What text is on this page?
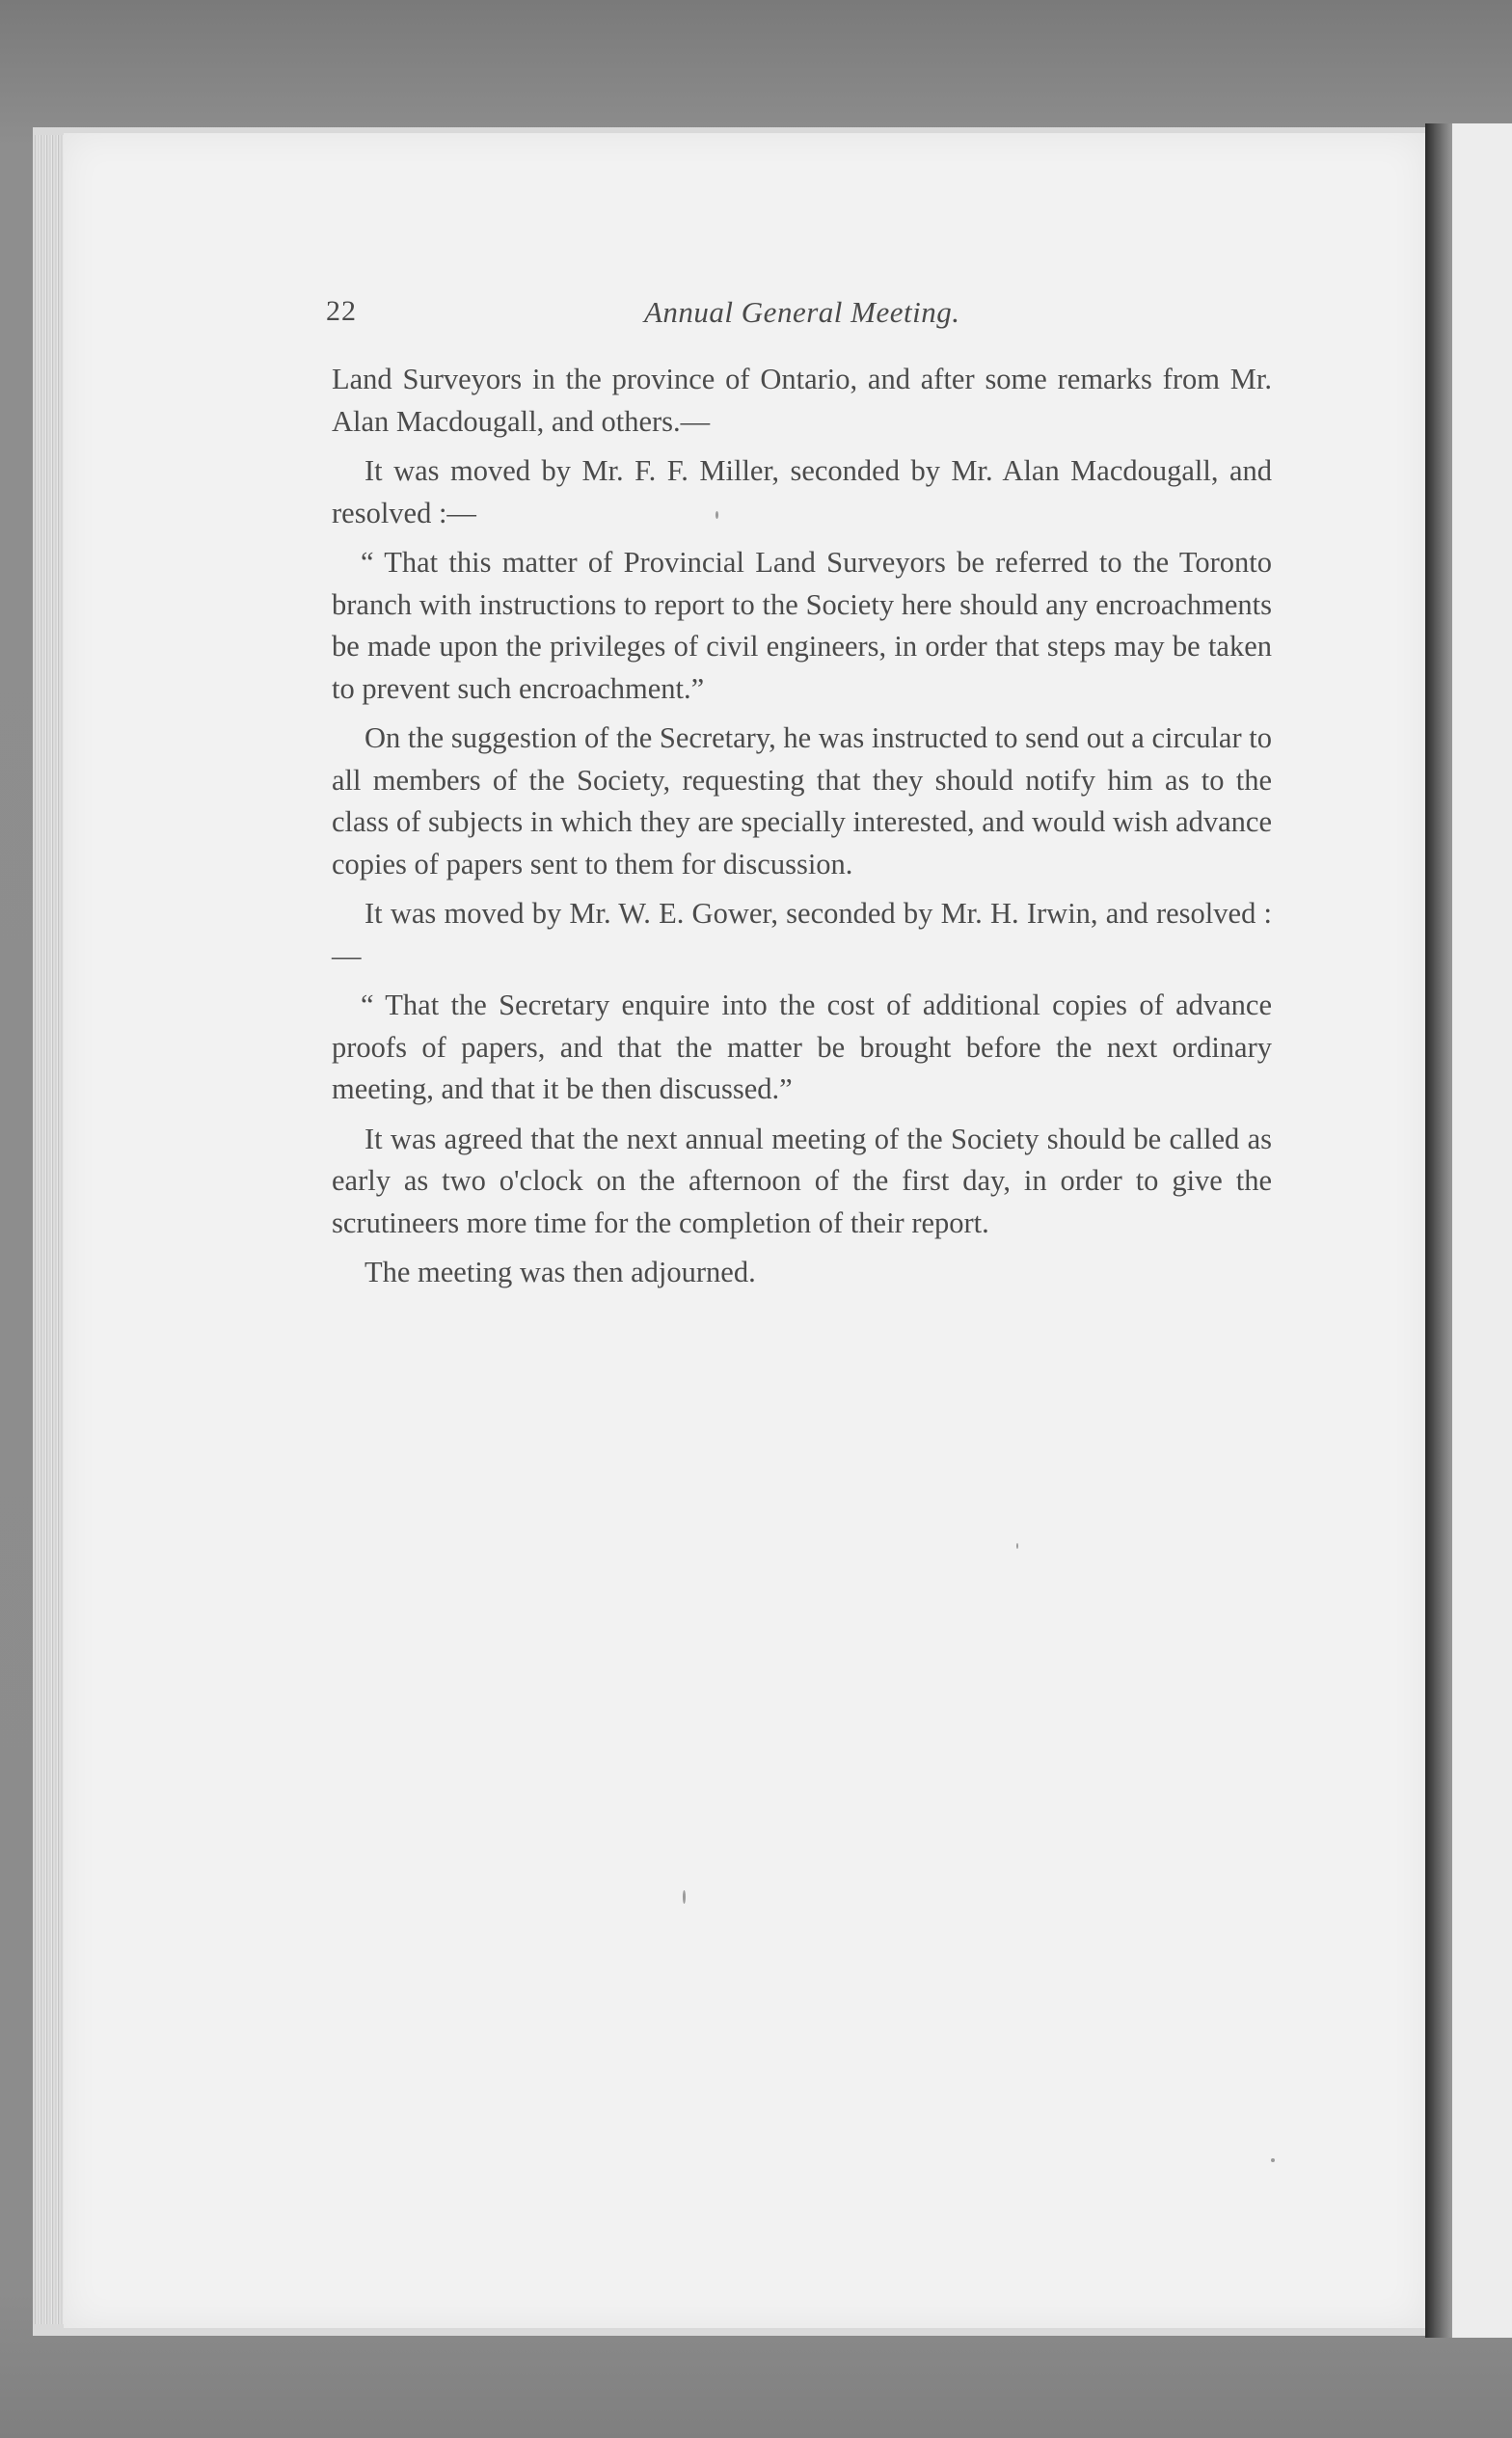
22	Annual General Meeting.

Land Surveyors in the province of Ontario, and after some remarks from Mr. Alan Macdougall, and others.—

It was moved by Mr. F. F. Miller, seconded by Mr. Alan Macdougall, and resolved :—

“ That this matter of Provincial Land Surveyors be referred to the Toronto branch with instructions to report to the Society here should any encroachments be made upon the privileges of civil engineers, in order that steps may be taken to prevent such encroachment.”

On the suggestion of the Secretary, he was instructed to send out a circular to all members of the Society, requesting that they should notify him as to the class of subjects in which they are specially interested, and would wish advance copies of papers sent to them for discussion.

It was moved by Mr. W. E. Gower, seconded by Mr. H. Irwin, and resolved :—

“ That the Secretary enquire into the cost of additional copies of advance proofs of papers, and that the matter be brought before the next ordinary meeting, and that it be then discussed.”

It was agreed that the next annual meeting of the Society should be called as early as two o'clock on the afternoon of the first day, in order to give the scrutineers more time for the completion of their report.

The meeting was then adjourned.
